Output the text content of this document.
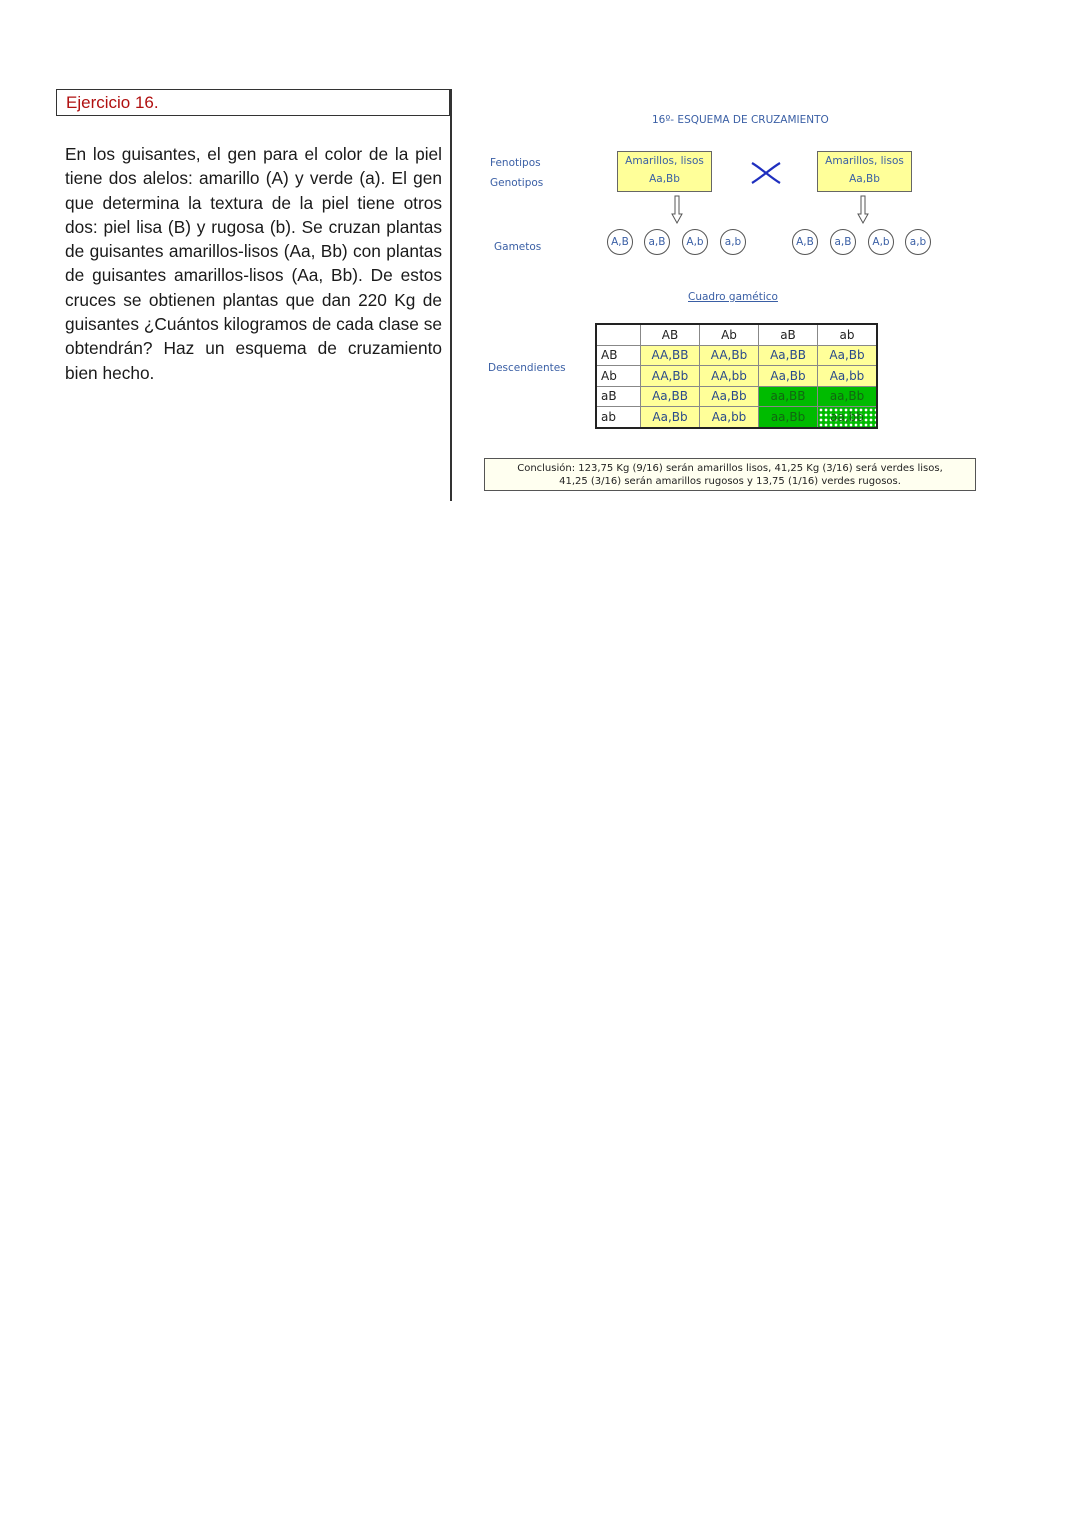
Ejercicio 16.
En los guisantes, el gen para el color de la piel tiene dos alelos: amarillo (A) y verde (a). El gen que determina la textura de la piel tiene otros dos: piel lisa (B) y rugosa (b). Se cruzan plantas de guisantes amarillos-lisos (Aa, Bb) con plantas de guisantes amarillos-lisos (Aa, Bb). De estos cruces se obtienen plantas que dan 220 Kg de guisantes ¿Cuántos kilogramos de cada clase se obtendrán? Haz un esquema de cruzamiento bien hecho.
16º- ESQUEMA DE CRUZAMIENTO
Fenotipos
Genotipos
Gametos
Descendientes
Amarillos, lisos
Aa,Bb
Amarillos, lisos
Aa,Bb
A,B	a,B	A,b	a,b	A,B	a,B	A,b	a,b
Cuadro gamético
	AB	Ab	aB	ab
AB	AA,BB	AA,Bb	Aa,BB	Aa,Bb
Ab	AA,Bb	AA,bb	Aa,Bb	Aa,bb
aB	Aa,BB	Aa,Bb	aa,BB	aa,Bb
ab	Aa,Bb	Aa,bb	aa,Bb	aa,bb
Conclusión: 123,75 Kg (9/16) serán amarillos lisos, 41,25 Kg (3/16) será verdes lisos,
41,25 (3/16) serán amarillos rugosos y 13,75 (1/16) verdes rugosos.
